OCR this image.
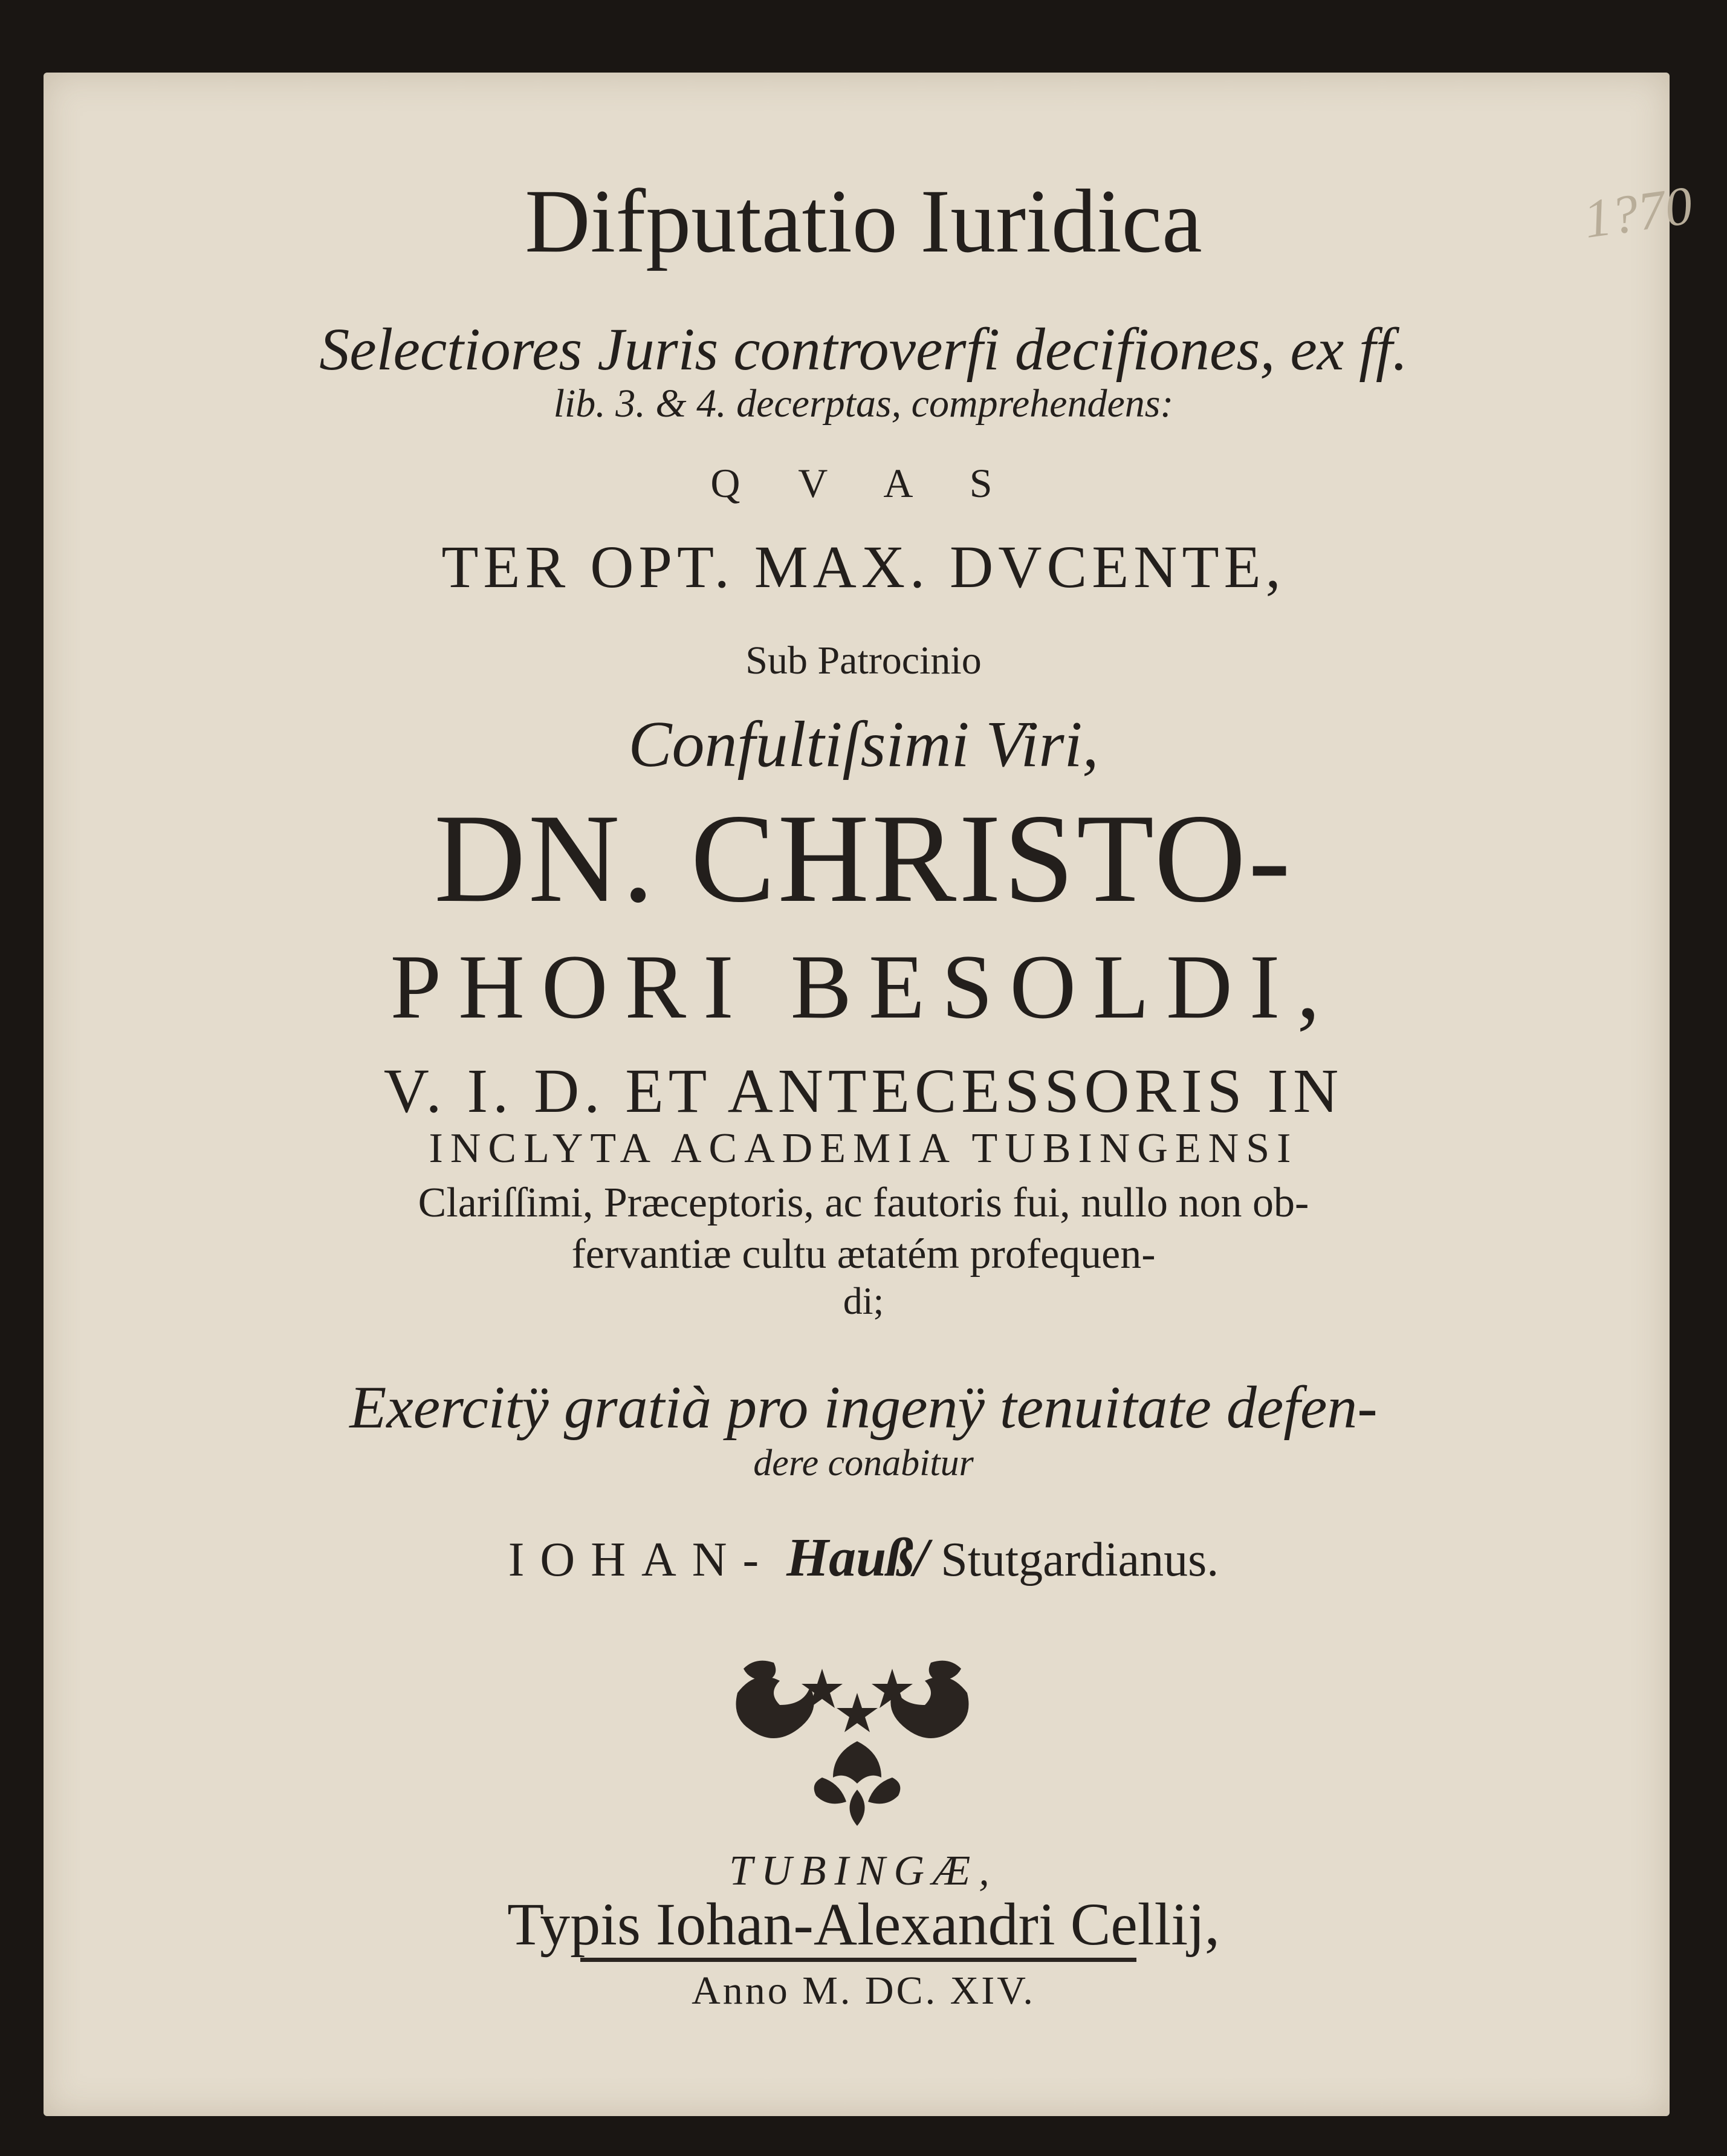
1?70
Difputatio Iuridica
Selectiores Juris controverfi decifiones, ex ff.
lib. 3. & 4. decerptas, comprehendens:
Q V A S
TER OPT. MAX. DVCENTE,
Sub Patrocinio
Confultiſsimi Viri,
DN. CHRISTO-
PHORI BESOLDI,
V. I. D. ET ANTECESSORIS IN
INCLYTA ACADEMIA TUBINGENSI
Clariſſimi, Præceptoris, ac fautoris fui, nullo non ob-
fervantiæ cultu ætatém profequen-
di;
Exercitÿ gratià pro ingenÿ tenuitate defen-
dere conabitur
IOHAN- Hauß/ Stutgardianus.
TUBINGÆ,
Typis Iohan-Alexandri Cellij,
Anno M. DC. XIV.
